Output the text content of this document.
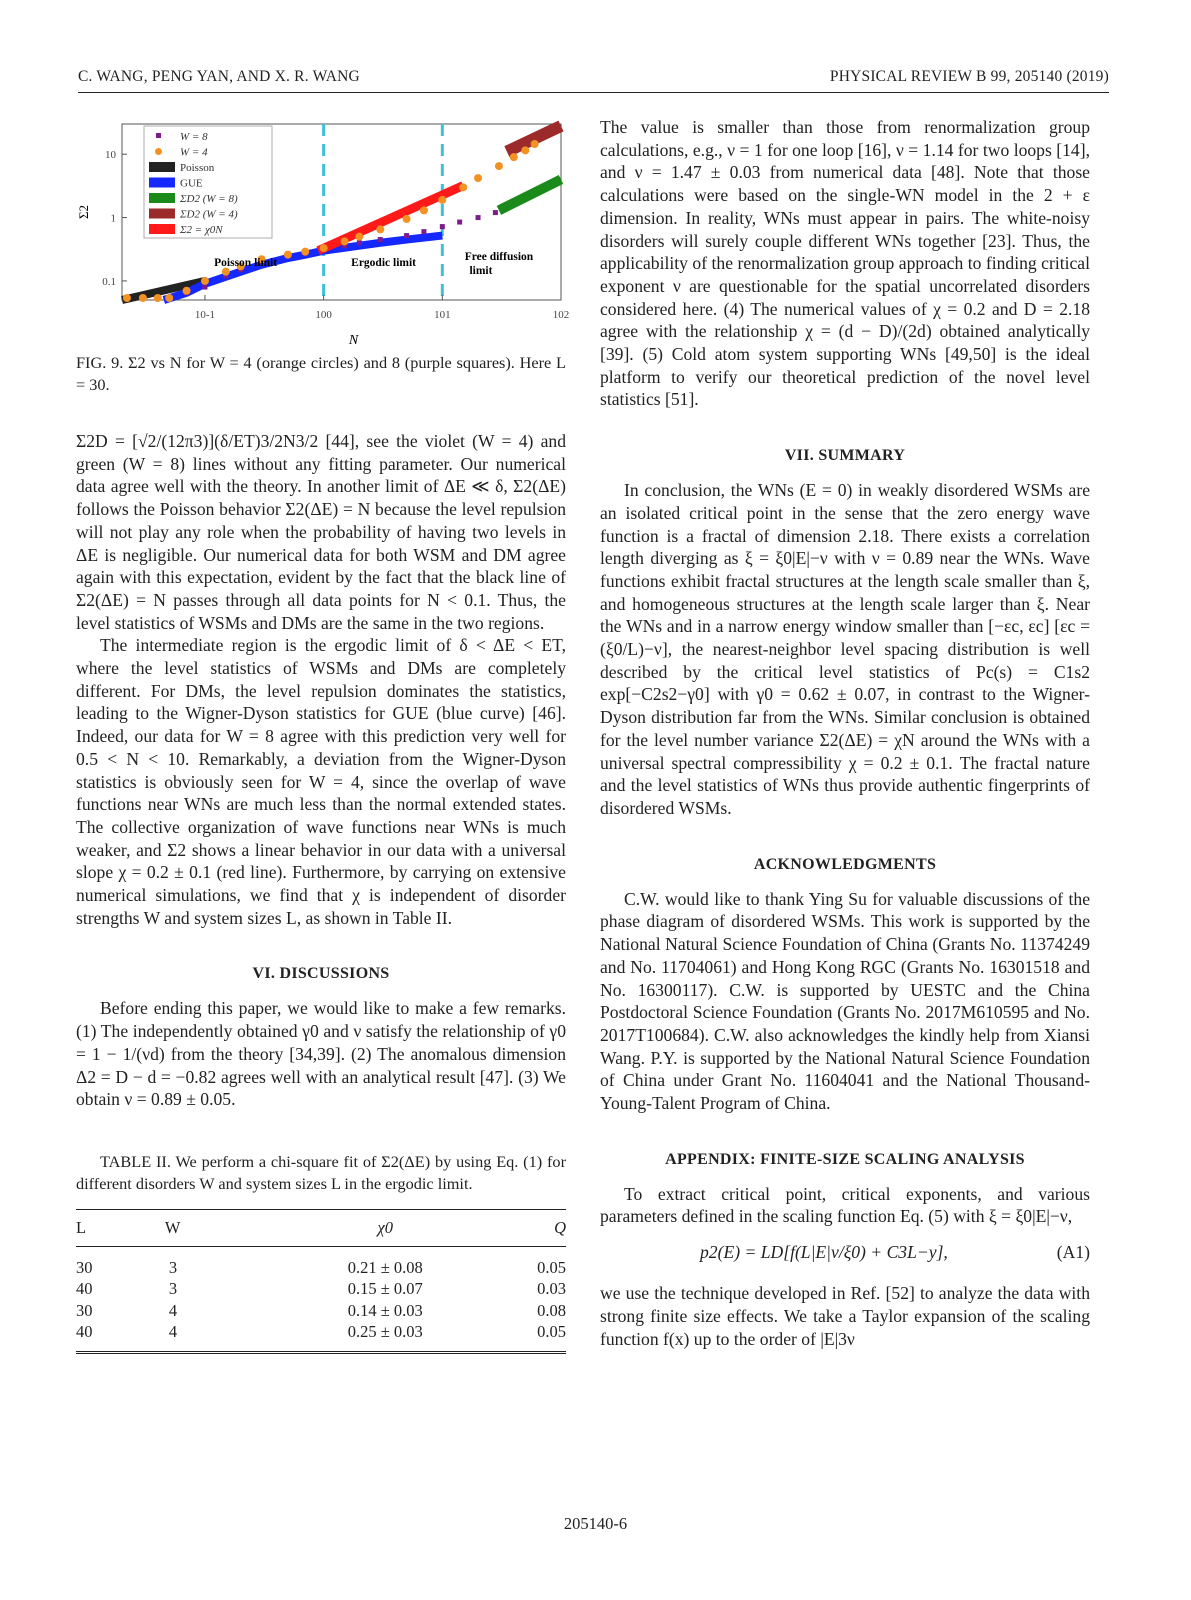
C. WANG, PENG YAN, AND X. R. WANG	PHYSICAL REVIEW B 99, 205140 (2019)
10-1	100	101	102
0.1
1
10
N
Σ2
Poisson limit	Ergodic limit	Free diffusion
limit
W = 8
W = 4
Poisson
GUE
ΣD2 (W = 8)
ΣD2 (W = 4)
Σ2 = χ0N

FIG. 9. Σ2 vs N for W = 4 (orange circles) and 8 (purple squares). Here L = 30.

Σ2D = [√2/(12π3)](δ/ET)3/2N3/2 [44], see the violet (W = 4) and green (W = 8) lines without any fitting parameter. Our numerical data agree well with the theory. In another limit of ΔE ≪ δ, Σ2(ΔE) follows the Poisson behavior Σ2(ΔE) = N because the level repulsion will not play any role when the probability of having two levels in ΔE is negligible. Our numerical data for both WSM and DM agree again with this expectation, evident by the fact that the black line of Σ2(ΔE) = N passes through all data points for N < 0.1. Thus, the level statistics of WSMs and DMs are the same in the two regions.

The intermediate region is the ergodic limit of δ < ΔE < ET, where the level statistics of WSMs and DMs are completely different. For DMs, the level repulsion dominates the statistics, leading to the Wigner-Dyson statistics for GUE (blue curve) [46]. Indeed, our data for W = 8 agree with this prediction very well for 0.5 < N < 10. Remarkably, a deviation from the Wigner-Dyson statistics is obviously seen for W = 4, since the overlap of wave functions near WNs are much less than the normal extended states. The collective organization of wave functions near WNs is much weaker, and Σ2 shows a linear behavior in our data with a universal slope χ = 0.2 ± 0.1 (red line). Furthermore, by carrying on extensive numerical simulations, we find that χ is independent of disorder strengths W and system sizes L, as shown in Table II.

VI. DISCUSSIONS

Before ending this paper, we would like to make a few remarks. (1) The independently obtained γ0 and ν satisfy the relationship of γ0 = 1 − 1/(νd) from the theory [34,39]. (2) The anomalous dimension Δ2 = D − d = −0.82 agrees well with an analytical result [47]. (3) We obtain ν = 0.89 ± 0.05.

TABLE II. We perform a chi-square fit of Σ2(ΔE) by using Eq. (1) for different disorders W and system sizes L in the ergodic limit.

L	W	χ0	Q
30	3	0.21 ± 0.08	0.05
40	3	0.15 ± 0.07	0.03
30	4	0.14 ± 0.03	0.08
40	4	0.25 ± 0.03	0.05

The value is smaller than those from renormalization group calculations, e.g., ν = 1 for one loop [16], ν = 1.14 for two loops [14], and ν = 1.47 ± 0.03 from numerical data [48]. Note that those calculations were based on the single-WN model in the 2 + ε dimension. In reality, WNs must appear in pairs. The white-noisy disorders will surely couple different WNs together [23]. Thus, the applicability of the renormalization group approach to finding critical exponent ν are questionable for the spatial uncorrelated disorders considered here. (4) The numerical values of χ = 0.2 and D = 2.18 agree with the relationship χ = (d − D)/(2d) obtained analytically [39]. (5) Cold atom system supporting WNs [49,50] is the ideal platform to verify our theoretical prediction of the novel level statistics [51].

VII. SUMMARY

In conclusion, the WNs (E = 0) in weakly disordered WSMs are an isolated critical point in the sense that the zero energy wave function is a fractal of dimension 2.18. There exists a correlation length diverging as ξ = ξ0|E|−ν with ν = 0.89 near the WNs. Wave functions exhibit fractal structures at the length scale smaller than ξ, and homogeneous structures at the length scale larger than ξ. Near the WNs and in a narrow energy window smaller than [−εc, εc] [εc = (ξ0/L)−ν], the nearest-neighbor level spacing distribution is well described by the critical level statistics of Pc(s) = C1s2 exp[−C2s2−γ0] with γ0 = 0.62 ± 0.07, in contrast to the Wigner-Dyson distribution far from the WNs. Similar conclusion is obtained for the level number variance Σ2(ΔE) = χN around the WNs with a universal spectral compressibility χ = 0.2 ± 0.1. The fractal nature and the level statistics of WNs thus provide authentic fingerprints of disordered WSMs.

ACKNOWLEDGMENTS

C.W. would like to thank Ying Su for valuable discussions of the phase diagram of disordered WSMs. This work is supported by the National Natural Science Foundation of China (Grants No. 11374249 and No. 11704061) and Hong Kong RGC (Grants No. 16301518 and No. 16300117). C.W. is supported by UESTC and the China Postdoctoral Science Foundation (Grants No. 2017M610595 and No. 2017T100684). C.W. also acknowledges the kindly help from Xiansi Wang. P.Y. is supported by the National Natural Science Foundation of China under Grant No. 11604041 and the National Thousand-Young-Talent Program of China.

APPENDIX: FINITE-SIZE SCALING ANALYSIS

To extract critical point, critical exponents, and various parameters defined in the scaling function Eq. (5) with ξ = ξ0|E|−ν,

p2(E) = LD[f(L|E|ν/ξ0) + C3L−y],	(A1)

we use the technique developed in Ref. [52] to analyze the data with strong finite size effects. We take a Taylor expansion of the scaling function f(x) up to the order of |E|3ν

205140-6
